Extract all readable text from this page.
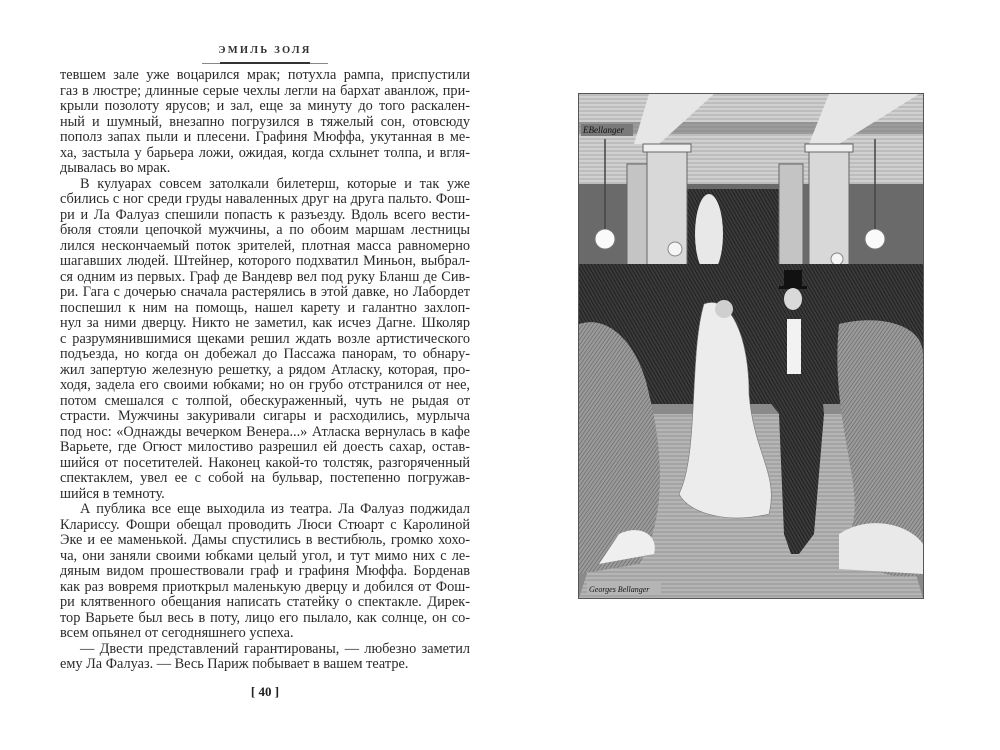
ЭМИЛЬ ЗОЛЯ
тевшем зале уже воцарился мрак; потухла рампа, приспустили
газ в люстре; длинные серые чехлы легли на бархат аванлож, при-
крыли позолоту ярусов; и зал, еще за минуту до того раскален-
ный и шумный, внезапно погрузился в тяжелый сон, отовсюду
пополз запах пыли и плесени. Графиня Мюффа, укутанная в ме-
ха, застыла у барьера ложи, ожидая, когда схлынет толпа, и вгля-
дывалась во мрак.
В кулуарах совсем затолкали билетерш, которые и так уже
сбились с ног среди груды наваленных друг на друга пальто. Фош-
ри и Ла Фалуаз спешили попасть к разъезду. Вдоль всего вести-
бюля стояли цепочкой мужчины, а по обоим маршам лестницы
лился нескончаемый поток зрителей, плотная масса равномерно
шагавших людей. Штейнер, которого подхватил Миньон, выбрал-
ся одним из первых. Граф де Вандевр вел под руку Бланш де Сив-
ри. Гага с дочерью сначала растерялись в этой давке, но Лабордет
поспешил к ним на помощь, нашел карету и галантно захлоп-
нул за ними дверцу. Никто не заметил, как исчез Дагне. Школяр
с разрумянившимися щеками решил ждать возле артистического
подъезда, но когда он добежал до Пассажа панорам, то обнару-
жил запертую железную решетку, а рядом Атласку, которая, про-
ходя, задела его своими юбками; но он грубо отстранился от нее,
потом смешался с толпой, обескураженный, чуть не рыдая от
страсти. Мужчины закуривали сигары и расходились, мурлыча
под нос: «Однажды вечерком Венера...» Атласка вернулась в кафе
Варьете, где Огюст милостиво разрешил ей доесть сахар, остав-
шийся от посетителей. Наконец какой-то толстяк, разгоряченный
спектаклем, увел ее с собой на бульвар, постепенно погружав-
шийся в темноту.
А публика все еще выходила из театра. Ла Фалуаз поджидал
Клариссу. Фошри обещал проводить Люси Стюарт с Каролиной
Эке и ее маменькой. Дамы спустились в вестибюль, громко хохо-
ча, они заняли своими юбками целый угол, и тут мимо них с ле-
дяным видом прошествовали граф и графиня Мюффа. Борденав
как раз вовремя приоткрыл маленькую дверцу и добился от Фош-
ри клятвенного обещания написать статейку о спектакле. Дирек-
тор Варьете был весь в поту, лицо его пылало, как солнце, он со-
всем опьянел от сегодняшнего успеха.
— Двести представлений гарантированы, — любезно заметил
ему Ла Фалуаз. — Весь Париж побывает в вашем театре.
[ 40 ]
EBellanger
Georges Bellanger
